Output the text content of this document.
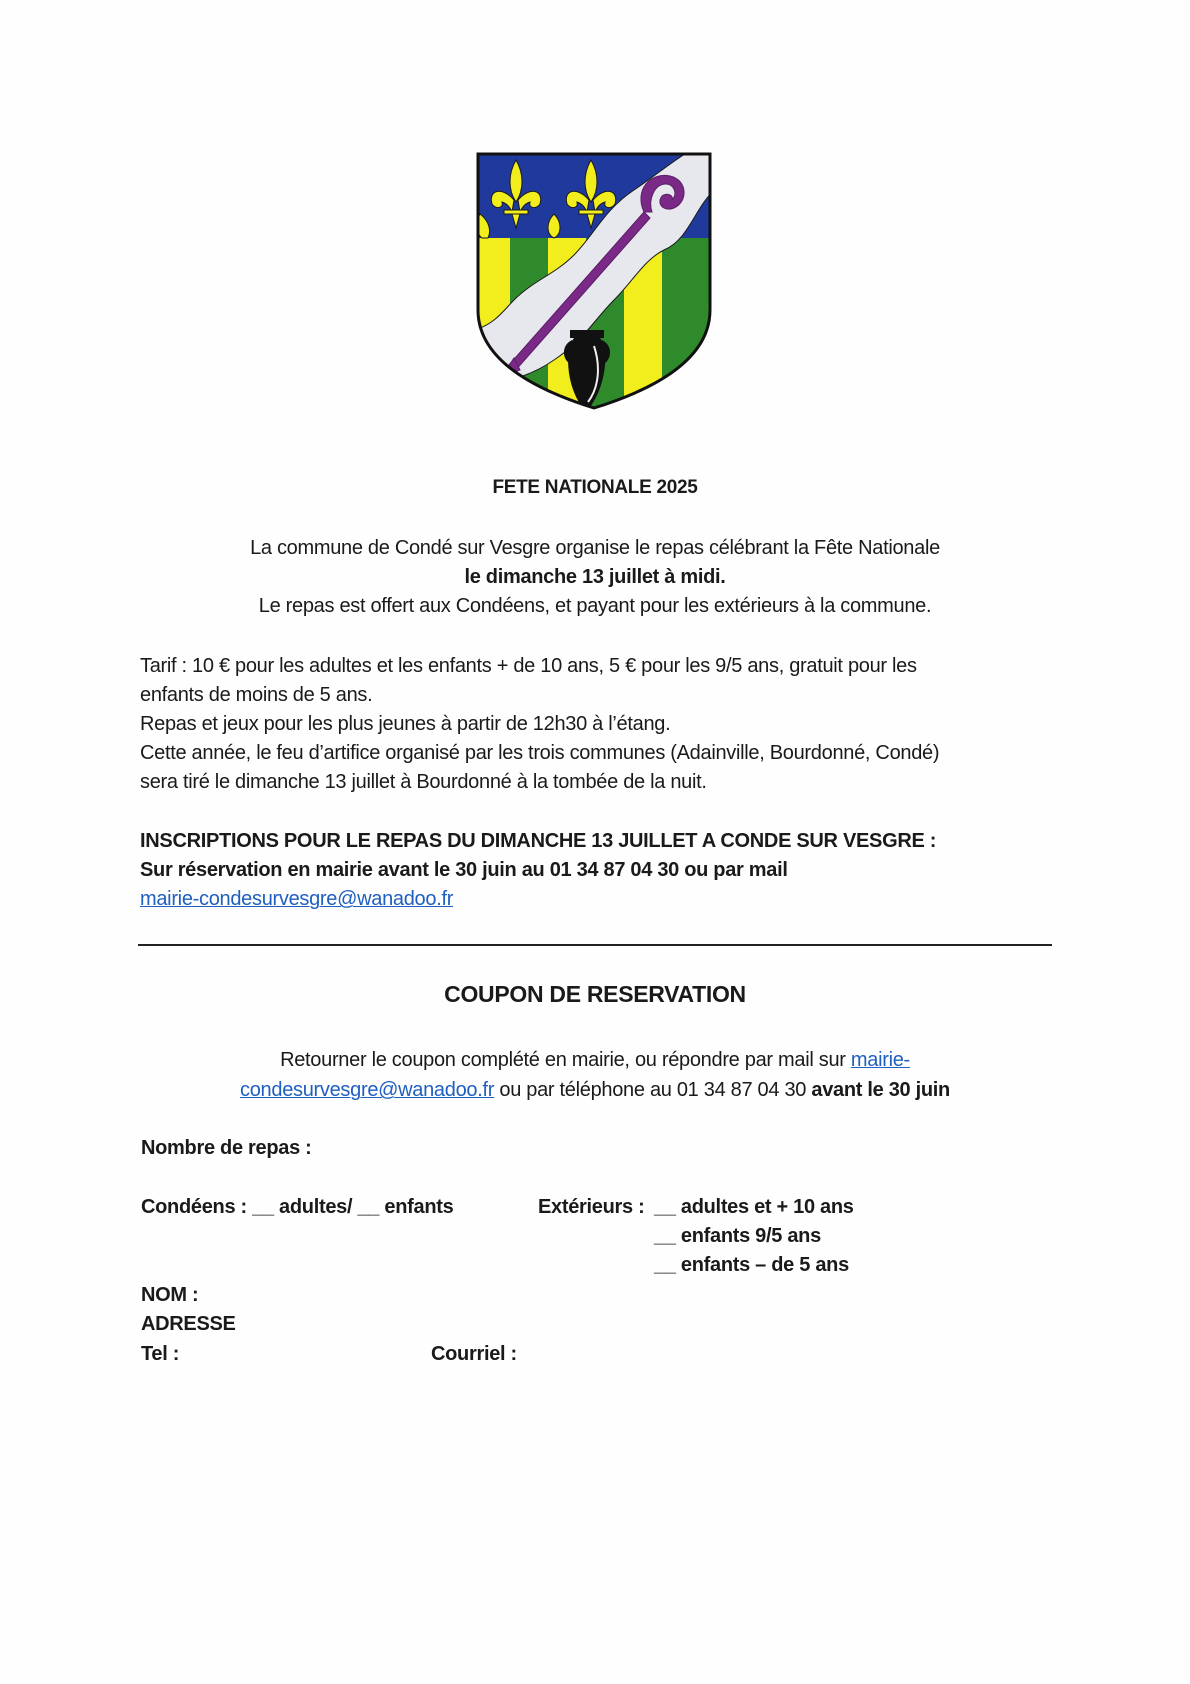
FETE NATIONALE 2025
La commune de Condé sur Vesgre organise le repas célébrant la Fête Nationale
le dimanche 13 juillet à midi.
Le repas est offert aux Condéens, et payant pour les extérieurs à la commune.
Tarif : 10 € pour les adultes et les enfants + de 10 ans, 5 € pour les 9/5 ans, gratuit pour les
enfants de moins de 5 ans.
Repas et jeux pour les plus jeunes à partir de 12h30 à l’étang.
Cette année, le feu d’artifice organisé par les trois communes (Adainville, Bourdonné, Condé)
sera tiré le dimanche 13 juillet à Bourdonné à la tombée de la nuit.
INSCRIPTIONS POUR LE REPAS DU DIMANCHE 13 JUILLET A CONDE SUR VESGRE :
Sur réservation en mairie avant le 30 juin au 01 34 87 04 30 ou par mail
mairie-condesurvesgre@wanadoo.fr
COUPON DE RESERVATION
Retourner le coupon complété en mairie, ou répondre par mail sur mairie-
condesurvesgre@wanadoo.fr ou par téléphone au 01 34 87 04 30 avant le 30 juin
Nombre de repas :
Condéens : __ adultes/ __ enfants	Extérieurs : __ adultes et + 10 ans
__ enfants 9/5 ans
__ enfants – de 5 ans
NOM :
ADRESSE
Tel :	Courriel :
